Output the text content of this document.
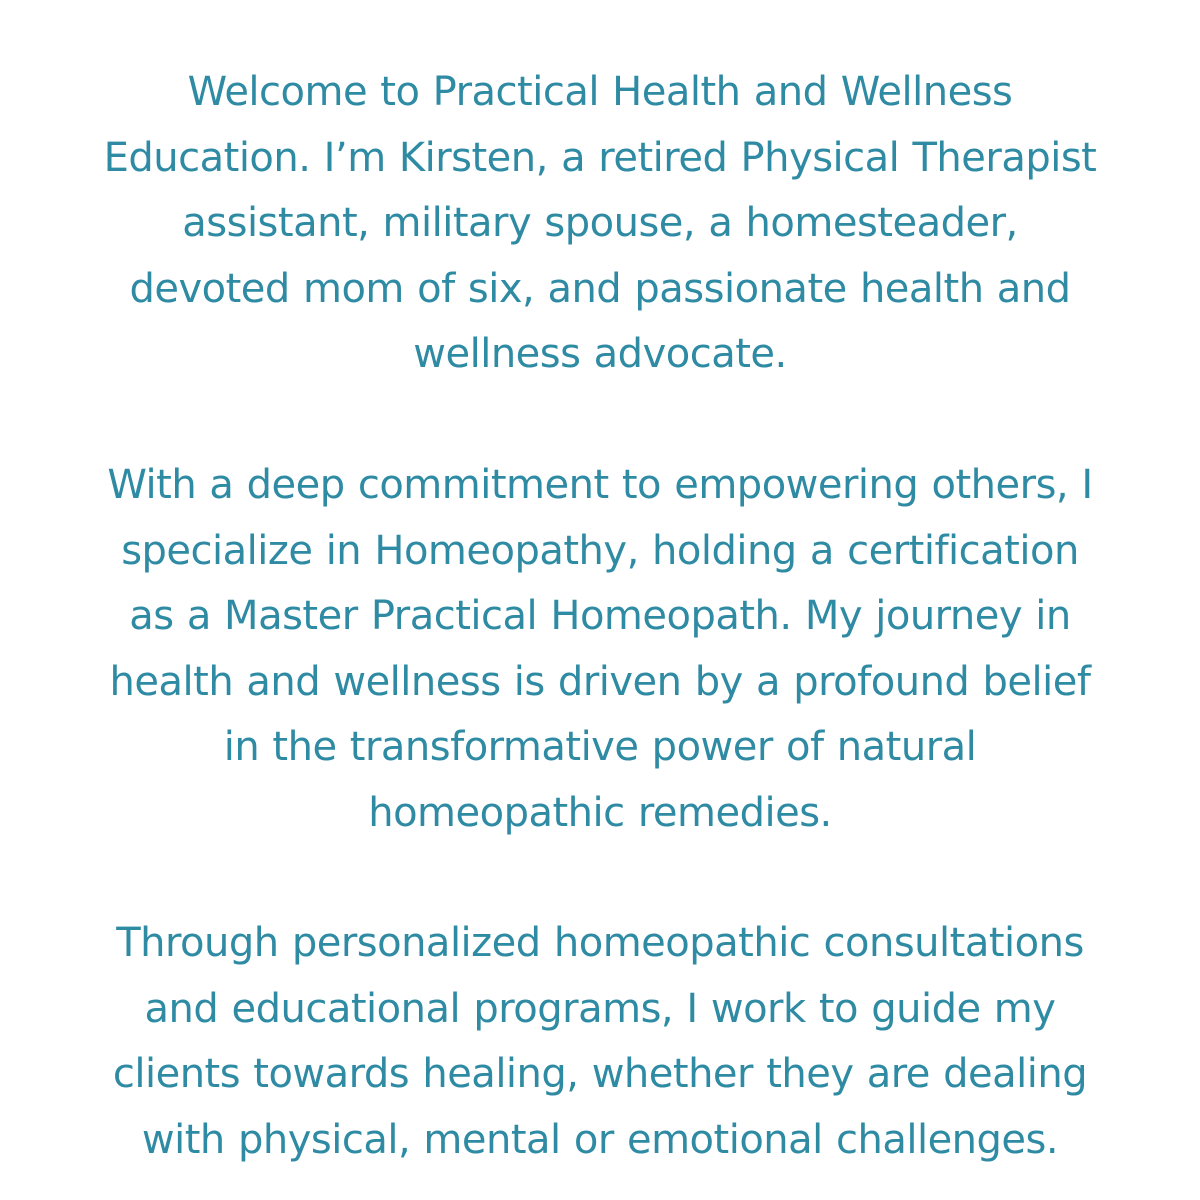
Welcome to Practical Health and Wellness
Education. I’m Kirsten, a retired Physical Therapist
assistant, military spouse, a homesteader,
devoted mom of six, and passionate health and
wellness advocate.

With a deep commitment to empowering others, I
specialize in Homeopathy, holding a certification
as a Master Practical Homeopath. My journey in
health and wellness is driven by a profound belief
in the transformative power of natural
homeopathic remedies.

Through personalized homeopathic consultations
and educational programs, I work to guide my
clients towards healing, whether they are dealing
with physical, mental or emotional challenges.
